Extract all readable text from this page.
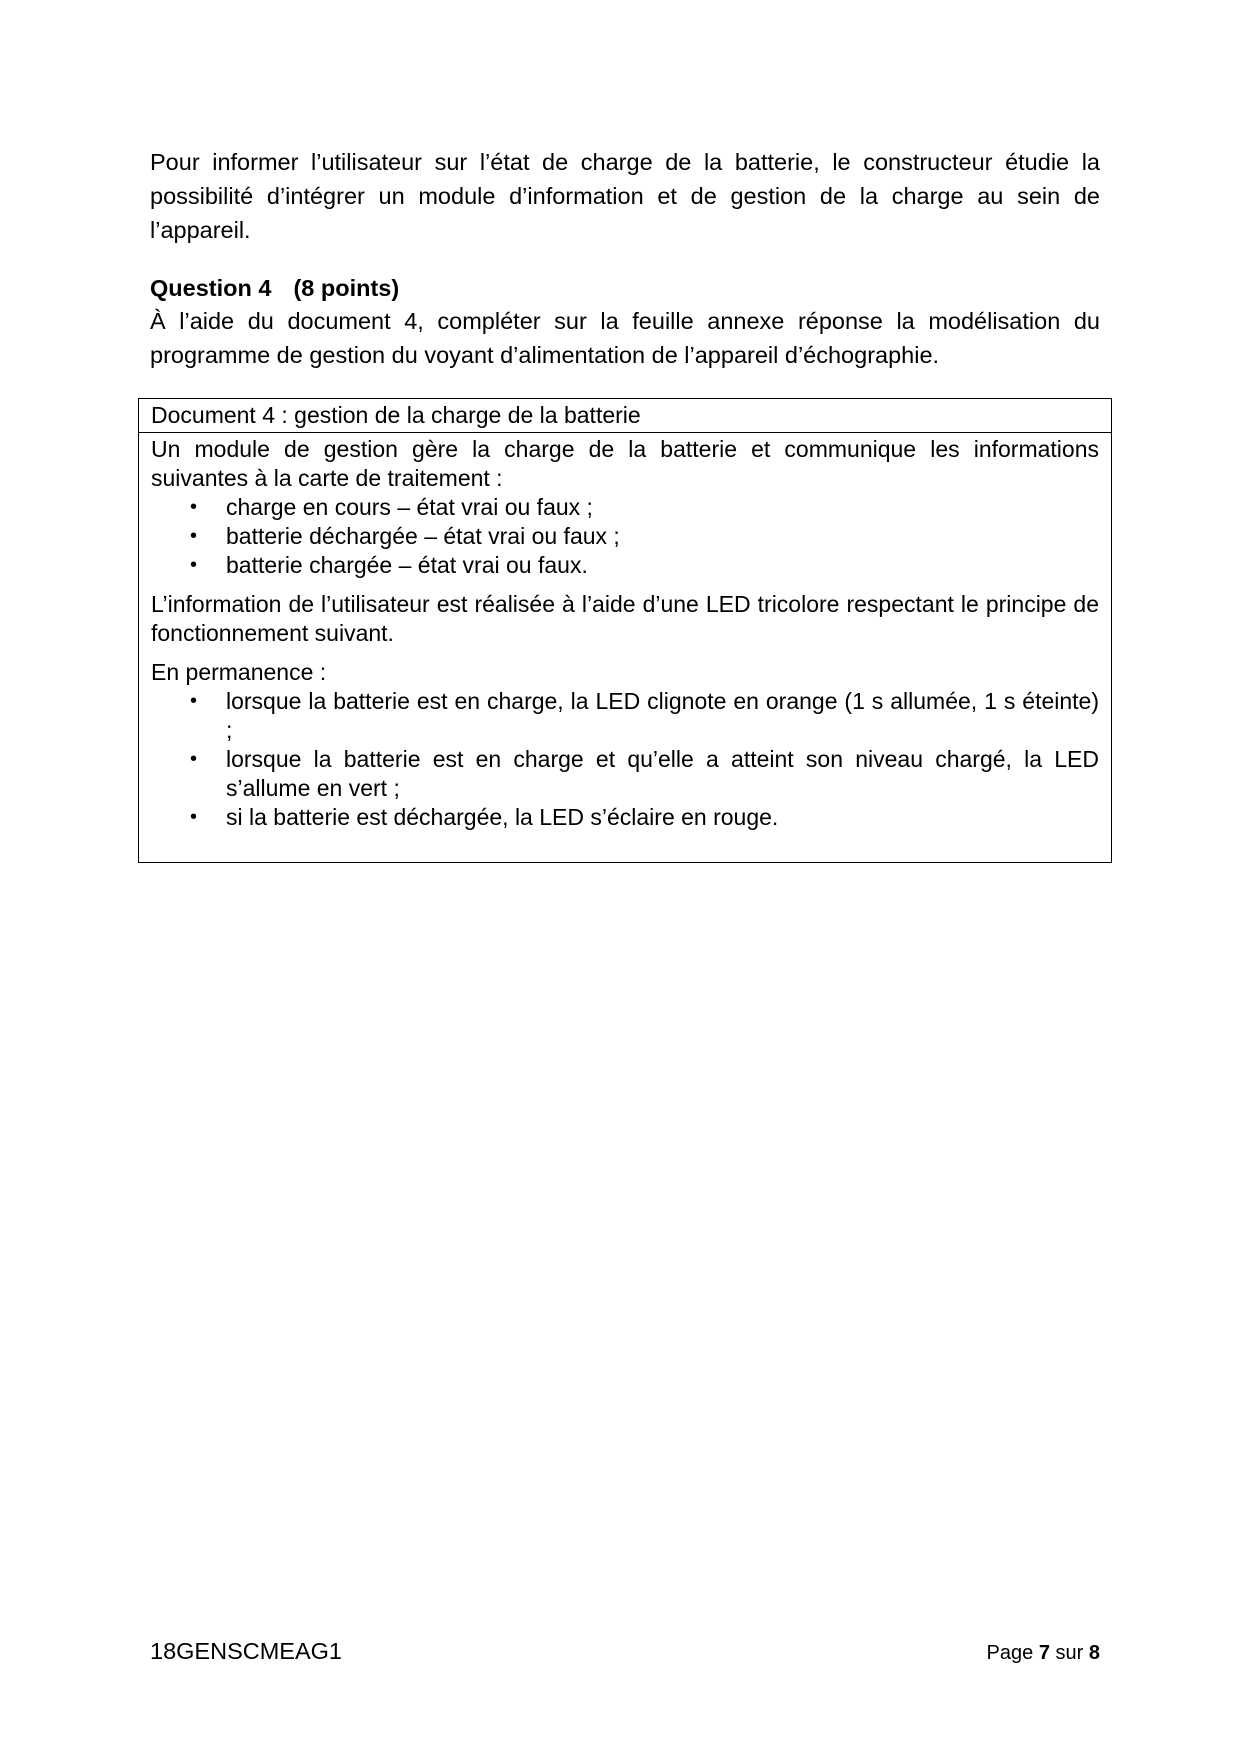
Pour informer l’utilisateur sur l’état de charge de la batterie, le constructeur étudie la possibilité d’intégrer un module d’information et de gestion de la charge au sein de l’appareil.

Question 4 (8 points)

À l’aide du document 4, compléter sur la feuille annexe réponse la modélisation du programme de gestion du voyant d’alimentation de l’appareil d’échographie.

Document 4 : gestion de la charge de la batterie

Un module de gestion gère la charge de la batterie et communique les informations suivantes à la carte de traitement :

• charge en cours – état vrai ou faux ;
• batterie déchargée – état vrai ou faux ;
• batterie chargée – état vrai ou faux.

L’information de l’utilisateur est réalisée à l’aide d’une LED tricolore respectant le principe de fonctionnement suivant.

En permanence :

• lorsque la batterie est en charge, la LED clignote en orange (1 s allumée, 1 s éteinte) ;
• lorsque la batterie est en charge et qu’elle a atteint son niveau chargé, la LED s’allume en vert ;
• si la batterie est déchargée, la LED s’éclaire en rouge.
18GENSCMEAG1	Page 7 sur 8
